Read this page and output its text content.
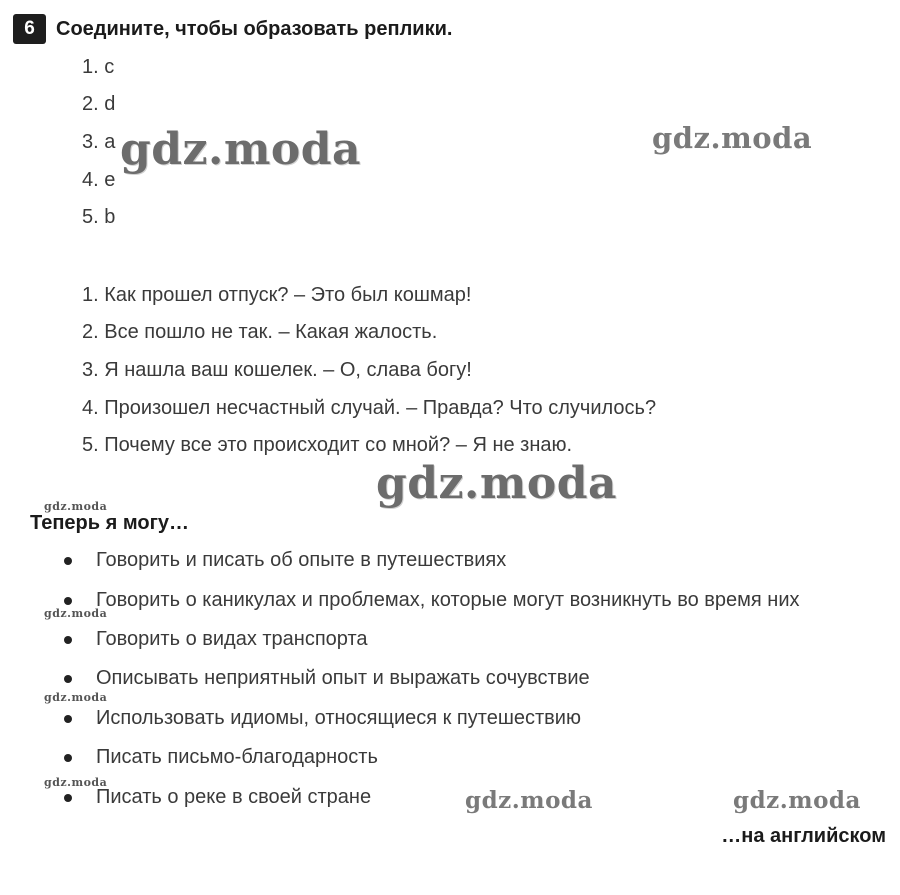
6	Соедините, чтобы образовать реплики.
1. c
2. d
3. a
4. e
5. b
1. Как прошел отпуск? – Это был кошмар!
2. Все пошло не так. – Какая жалость.
3. Я нашла ваш кошелек. – О, слава богу!
4. Произошел несчастный случай. – Правда? Что случилось?
5. Почему все это происходит со мной? – Я не знаю.
Теперь я могу…
Говорить и писать об опыте в путешествиях
Говорить о каникулах и проблемах, которые могут возникнуть во время них
Говорить о видах транспорта
Описывать неприятный опыт и выражать сочувствие
Использовать идиомы, относящиеся к путешествию
Писать письмо-благодарность
Писать о реке в своей стране
…на английском
gdz.moda	gdz.moda
gdz.moda
gdz.moda
gdz.moda
gdz.moda
gdz.moda
gdz.moda	gdz.moda
